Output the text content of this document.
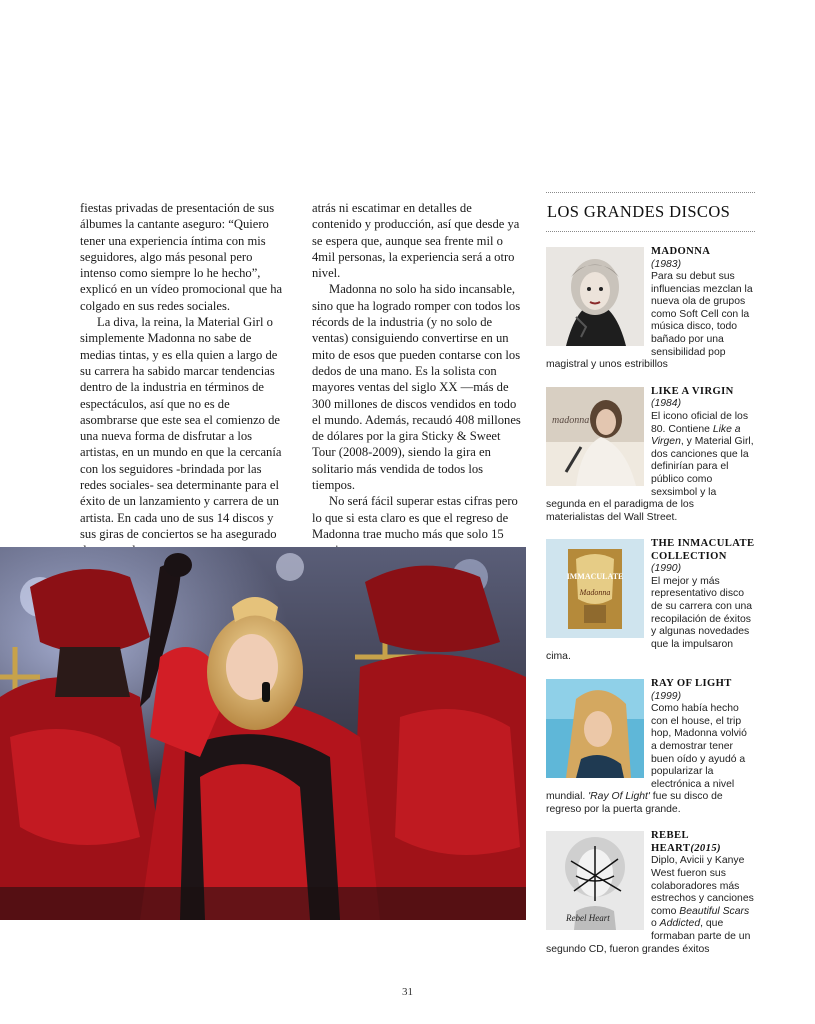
fiestas privadas de presentación de sus álbumes la cantante aseguro: “Quiero tener una experiencia íntima con mis seguidores, algo más pesonal pero intenso como siempre lo he hecho”, explicó en un vídeo promocional que ha colgado en sus redes sociales.

La diva, la reina, la Material Girl o simplemente Madonna no sabe de medias tintas, y es ella quien a largo de su carrera ha sabido marcar tendencias dentro de la industria en términos de espectáculos, así que no es de asombrarse que este sea el comienzo de una nueva forma de disfrutar a los artistas, en un mundo en que la cercanía con los seguidores -brindada por las redes sociales- sea determinante para el éxito de un lanzamiento y carrera de un artista. En cada uno de sus 14 discos y sus giras de conciertos se ha asegurado

atrás ni escatimar en detalles de contenido y producción, así que desde ya se espera que, aunque sea frente mil o 4mil personas, la experiencia será a otro nivel.

Madonna no solo ha sido incansable, sino que ha logrado romper con todos los récords de la industria (y no solo de ventas) consiguiendo convertirse en un mito de esos que pueden contarse con los dedos de una mano. Es la solista con mayores ventas del siglo XX —más de 300 millones de discos vendidos en todo el mundo. Además, recaudó 408 millones de dólares por la gira Sticky & Sweet Tour (2008-2009), siendo la gira en solitario más vendida de todos los tiempos.

No será fácil superar estas cifras pero lo que si esta claro es que el regreso de Madonna trae mucho más que solo 15

LOS GRANDES DISCOS
MADONNA
(1983)
Para su debut sus influencias mezclan la nueva ola de grupos como Soft Cell con la música disco, todo bañado por una sensibilidad pop magistral y unos estribillos
madonna
LIKE A VIRGIN
(1984)
El icono oficial de los 80. Contiene Like a Virgen, y Material Girl, dos canciones que la definirían para el público como sexsimbol y la segunda en el paradigma de los materialistas del Wall Street.
IMMACULATE
Madonna
THE INMACULATE COLLECTION
(1990)
El mejor y más representativo disco de su carrera con una recopilación de éxitos y algunas novedades que la impulsaron cima.
RAY OF LIGHT
(1999)
Como había hecho con el house, el trip hop, Madonna volvió a demostrar tener buen oído y ayudó a popularizar la electrónica a nivel mundial. 'Ray Of Light' fue su disco de regreso por la puerta grande.
Rebel Heart
REBEL HEART(2015)
Diplo, Avicii y Kanye West fueron sus colaboradores más estrechos y canciones como Beautiful Scars o Addicted, que formaban parte de un segundo CD, fueron grandes éxitos
31
